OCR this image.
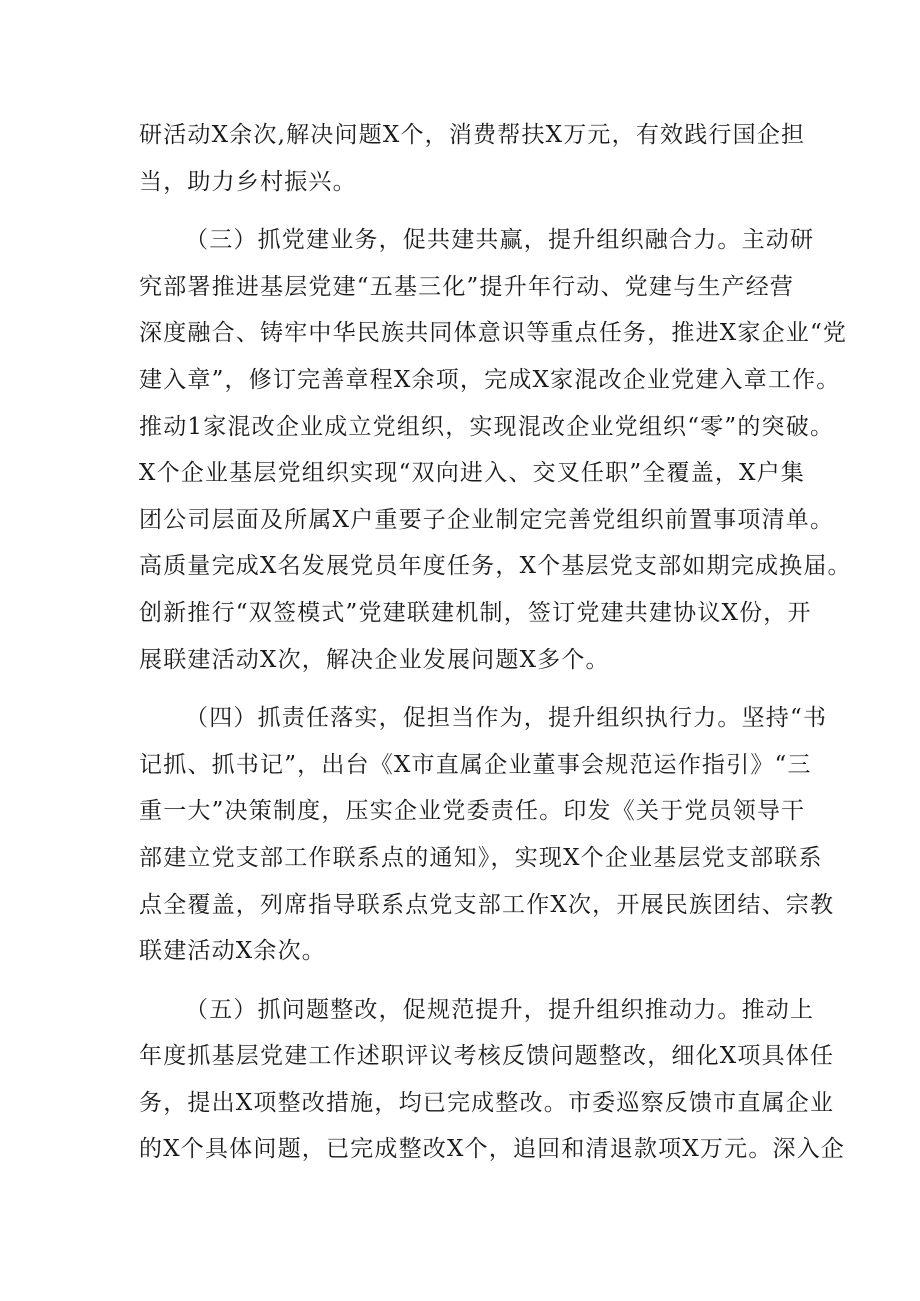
研活动X余次,解决问题X个，消费帮扶X万元，有效践行国企担
当，助力乡村振兴。
（三）抓党建业务，促共建共赢，提升组织融合力。主动研
究部署推进基层党建“五基三化”提升年行动、党建与生产经营
深度融合、铸牢中华民族共同体意识等重点任务，推进X家企业“党
建入章”，修订完善章程X余项，完成X家混改企业党建入章工作。
推动1家混改企业成立党组织，实现混改企业党组织“零”的突破。
X个企业基层党组织实现“双向进入、交叉任职”全覆盖，X户集
团公司层面及所属X户重要子企业制定完善党组织前置事项清单。
高质量完成X名发展党员年度任务，X个基层党支部如期完成换届。
创新推行“双签模式”党建联建机制，签订党建共建协议X份，开
展联建活动X次，解决企业发展问题X多个。
（四）抓责任落实，促担当作为，提升组织执行力。坚持“书
记抓、抓书记”，出台《X市直属企业董事会规范运作指引》“三
重一大”决策制度，压实企业党委责任。印发《关于党员领导干
部建立党支部工作联系点的通知》，实现X个企业基层党支部联系
点全覆盖，列席指导联系点党支部工作X次，开展民族团结、宗教
联建活动X余次。
（五）抓问题整改，促规范提升，提升组织推动力。推动上
年度抓基层党建工作述职评议考核反馈问题整改，细化X项具体任
务，提出X项整改措施，均已完成整改。市委巡察反馈市直属企业
的X个具体问题，已完成整改X个，追回和清退款项X万元。深入企
